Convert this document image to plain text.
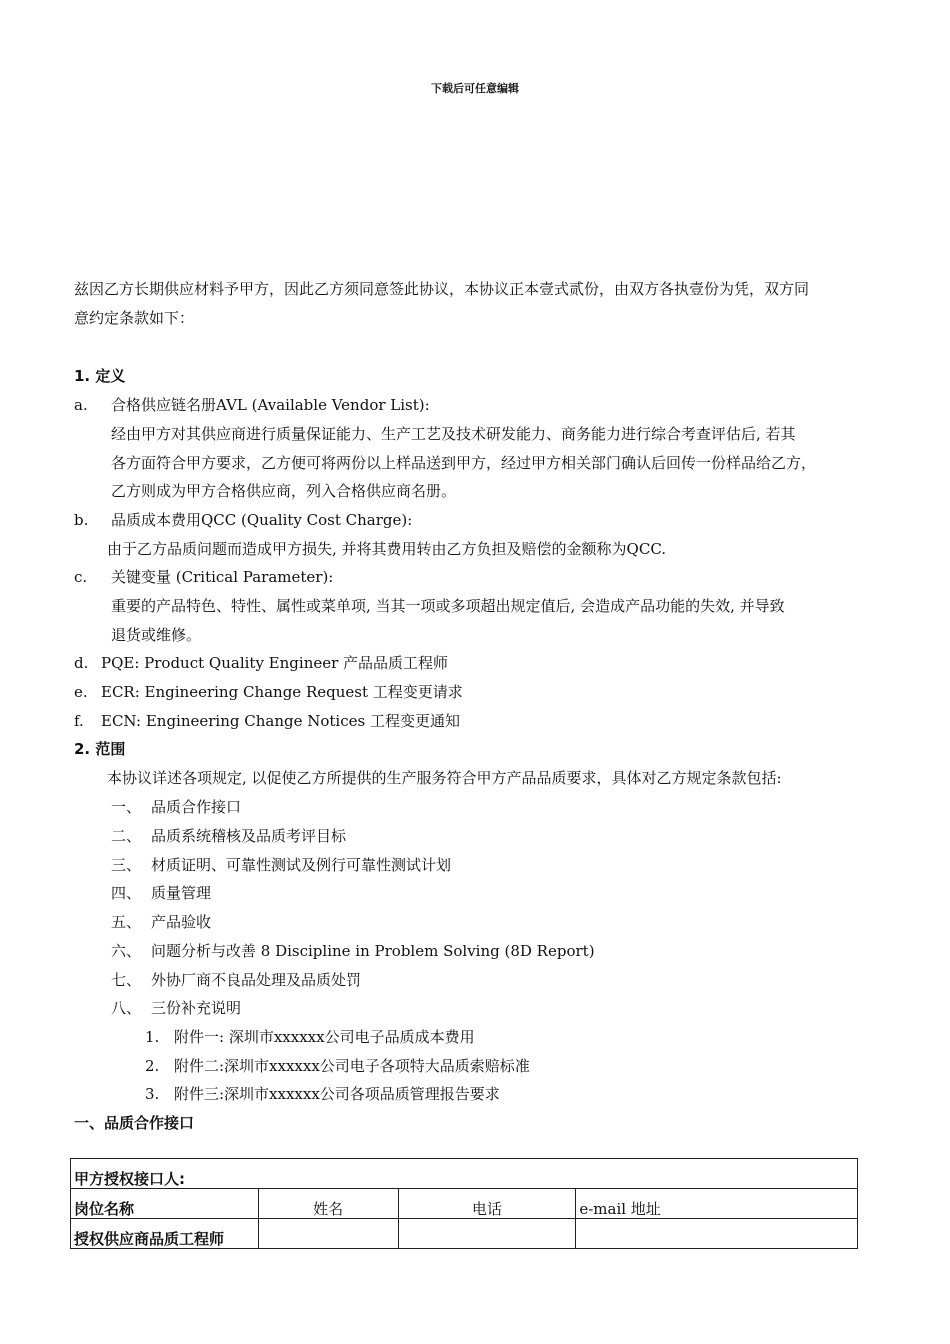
下载后可任意编辑
兹因乙方长期供应材料予甲方，因此乙方须同意签此协议，本协议正本壹式贰份，由双方各执壹份为凭，双方同
意约定条款如下：
1. 定义
a. 合格供应链名册AVL (Available Vendor List):
经由甲方对其供应商进行质量保证能力、生产工艺及技术研发能力、商务能力进行综合考查评估后, 若其
各方面符合甲方要求，乙方便可将两份以上样品送到甲方，经过甲方相关部门确认后回传一份样品给乙方，
乙方则成为甲方合格供应商，列入合格供应商名册。
b. 品质成本费用QCC (Quality Cost Charge):
由于乙方品质问题而造成甲方损失, 并将其费用转由乙方负担及赔偿的金额称为QCC.
c. 关键变量 (Critical Parameter):
重要的产品特色、特性、属性或菜单项, 当其一项或多项超出规定值后, 会造成产品功能的失效, 并导致
退货或维修。
d. PQE: Product Quality Engineer 产品品质工程师
e. ECR: Engineering Change Request 工程变更请求
f. ECN: Engineering Change Notices 工程变更通知
2. 范围
本协议详述各项规定, 以促使乙方所提供的生产服务符合甲方产品品质要求，具体对乙方规定条款包括:
一、 品质合作接口
二、 品质系统稽核及品质考评目标
三、 材质证明、可靠性测试及例行可靠性测试计划
四、 质量管理
五、 产品验收
六、 问题分析与改善 8 Discipline in Problem Solving (8D Report)
七、 外协厂商不良品处理及品质处罚
八、 三份补充说明
1. 附件一: 深圳市xxxxxx公司电子品质成本费用
2. 附件二:深圳市xxxxxx公司电子各项特大品质索赔标准
3. 附件三:深圳市xxxxxx公司各项品质管理报告要求
一、品质合作接口
甲方授权接口人:			
岗位名称	姓名	电话	e-mail 地址
授权供应商品质工程师			
